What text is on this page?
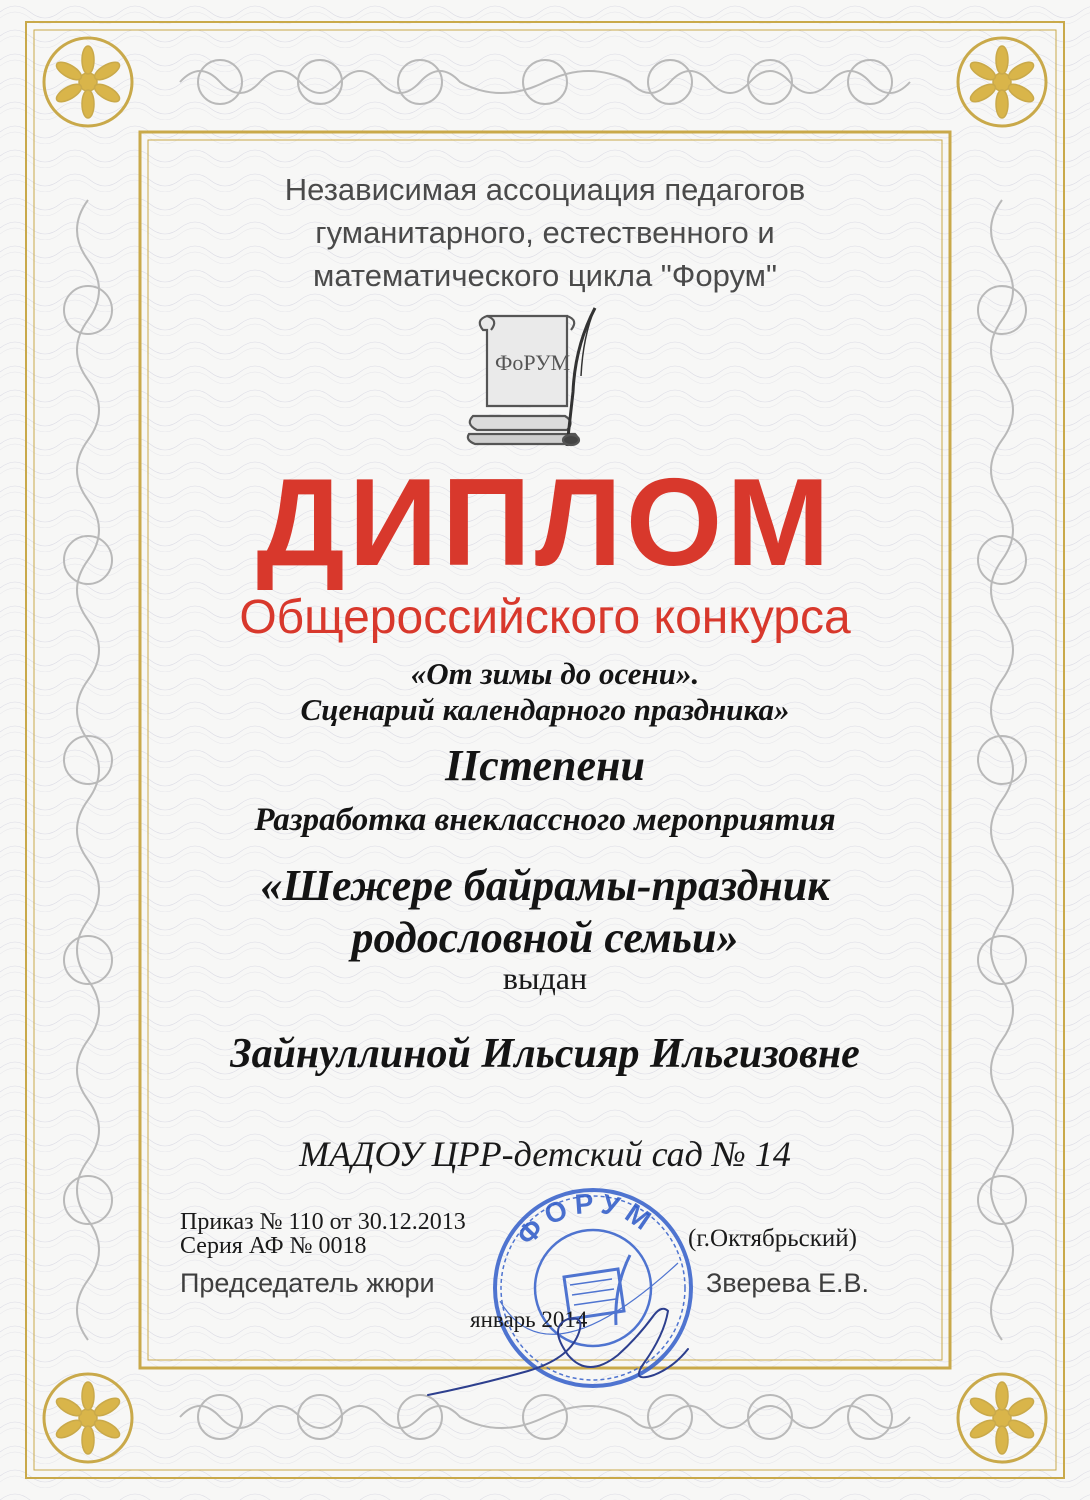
Независимая ассоциация педагогов
гуманитарного, естественного и
математического цикла "Форум"
ФоРУМ
ДИПЛОМ
Общероссийского конкурса
«От зимы до осени».
Сценарий календарного праздника»
IIстепени
Разработка внеклассного мероприятия
«Шежере байрамы-праздник
родословной семьи»
выдан
Зайнуллиной Ильсияр Ильгизовне
МАДОУ ЦРР-детский сад № 14
ФОРУМ
Приказ № 110 от 30.12.2013
Серия АФ № 0018	(г.Октябрьский)
Председатель жюри	Зверева Е.В.
январь 2014
